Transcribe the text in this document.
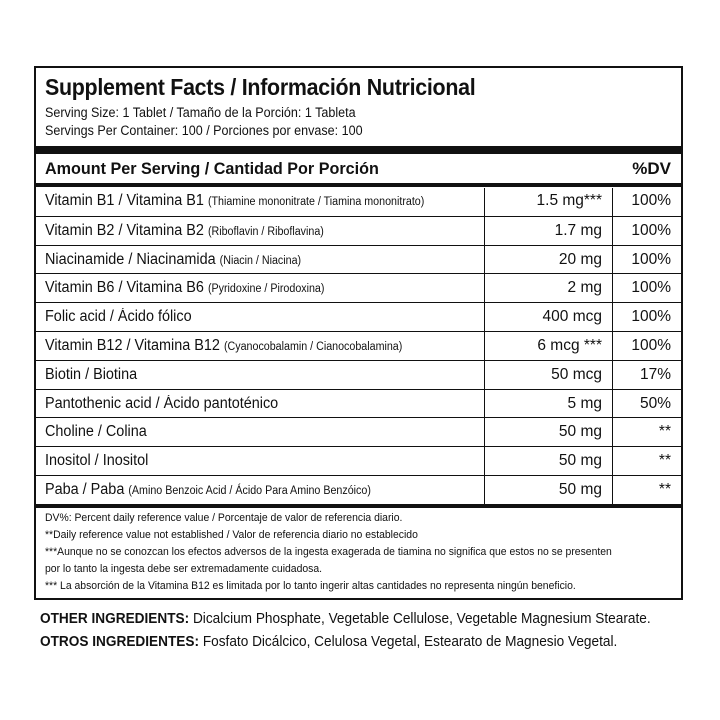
Supplement Facts / Información Nutricional
Serving Size: 1 Tablet / Tamaño de la Porción: 1 Tableta
Servings Per Container: 100 / Porciones por envase: 100
Amount Per Serving / Cantidad Por Porción	%DV
Vitamin B1 / Vitamina B1 (Thiamine mononitrate / Tiamina mononitrato)	1.5 mg*** 100%
Vitamin B2 / Vitamina B2 (Riboflavin / Riboflavina)	1.7 mg 100%
Niacinamide / Niacinamida (Niacin / Niacina)	20 mg 100%
Vitamin B6 / Vitamina B6 (Pyridoxine / Pirodoxina)	2 mg 100%
Folic acid / Ácido fólico	400 mcg 100%
Vitamin B12 / Vitamina B12 (Cyanocobalamin / Cianocobalamina)	6 mcg *** 100%
Biotin / Biotina	50 mcg 17%
Pantothenic acid / Ácido pantoténico	5 mg 50%
Choline / Colina	50 mg	**
Inositol / Inositol	50 mg	**
Paba / Paba (Amino Benzoic Acid / Ácido Para Amino Benzóico)	50 mg	**
DV%: Percent daily reference value / Porcentaje de valor de referencia diario.
**Daily reference value not established / Valor de referencia diario no establecido
***Aunque no se conozcan los efectos adversos de la ingesta exagerada de tiamina no significa que estos no se presenten
por lo tanto la ingesta debe ser extremadamente cuidadosa.
*** La absorción de la Vitamina B12 es limitada por lo tanto ingerir altas cantidades no representa ningún beneficio.
OTHER INGREDIENTS: Dicalcium Phosphate, Vegetable Cellulose, Vegetable Magnesium Stearate.
OTROS INGREDIENTES: Fosfato Dicálcico, Celulosa Vegetal, Estearato de Magnesio Vegetal.
